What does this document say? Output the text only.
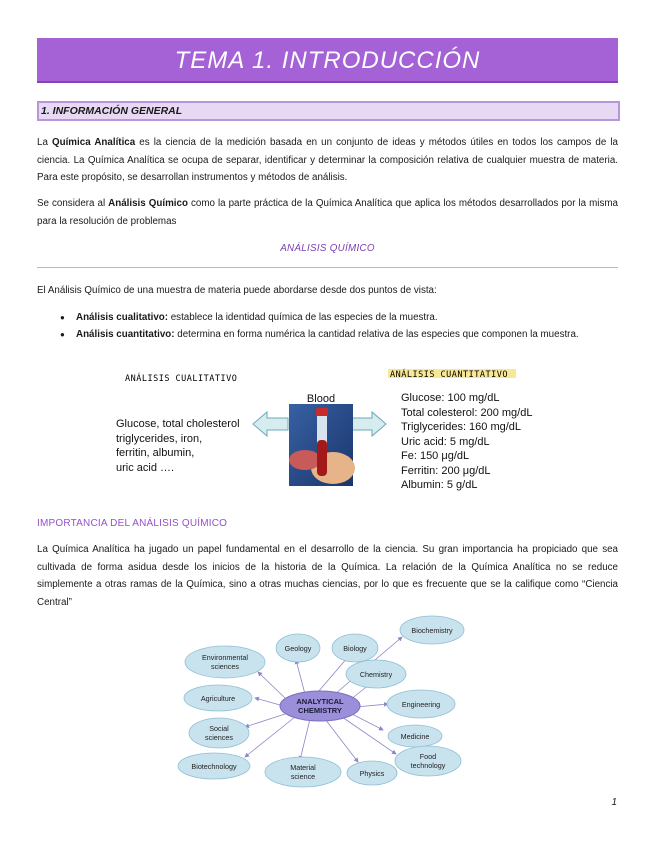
TEMA 1. INTRODUCCIÓN
1. INFORMACIÓN GENERAL

La Química Analítica es la ciencia de la medición basada en un conjunto de ideas y métodos útiles en todos los campos de la ciencia. La Química Analítica se ocupa de separar, identificar y determinar la composición relativa de cualquier muestra de materia. Para este propósito, se desarrollan instrumentos y métodos de análisis.

Se considera al Análisis Químico como la parte práctica de la Química Analítica que aplica los métodos desarrollados por la misma para la resolución de problemas

ANÁLISIS QUÍMICO

El Análisis Químico de una muestra de materia puede abordarse desde dos puntos de vista:

● Análisis cualitativo: establece la identidad química de las especies de la muestra.
● Análisis cuantitativo: determina en forma numérica la cantidad relativa de las especies que componen la muestra.
ANÁLISIS CUALITATIVO	ANÁLISIS CUANTITATIVO
Blood
Glucose, total cholesterol
triglycerides, iron,
ferritin, albumin,
uric acid ….
Glucose: 100 mg/dL
Total colesterol: 200 mg/dL
Triglycerides: 160 mg/dL
Uric acid: 5 mg/dL
Fe: 150 μg/dL
Ferritin: 200 μg/dL
Albumin: 5 g/dL
IMPORTANCIA DEL ANÁLISIS QUÍMICO

La Química Analítica ha jugado un papel fundamental en el desarrollo de la ciencia. Su gran importancia ha propiciado que sea cultivada de forma asidua desde los inicios de la historia de la Química. La relación de la Química Analítica no se reduce simplemente a otras ramas de la Química, sino a otras muchas ciencias, por lo que es frecuente que se la califique como “Ciencia Central”

Geology	Biology
Biochemistry
Environmental
sciences
Chemistry
Agriculture
Engineering
Social
sciences	Medicine
Biotechnology	Material
science	Physics
Food
technology
ANALYTICAL
CHEMISTRY
1
